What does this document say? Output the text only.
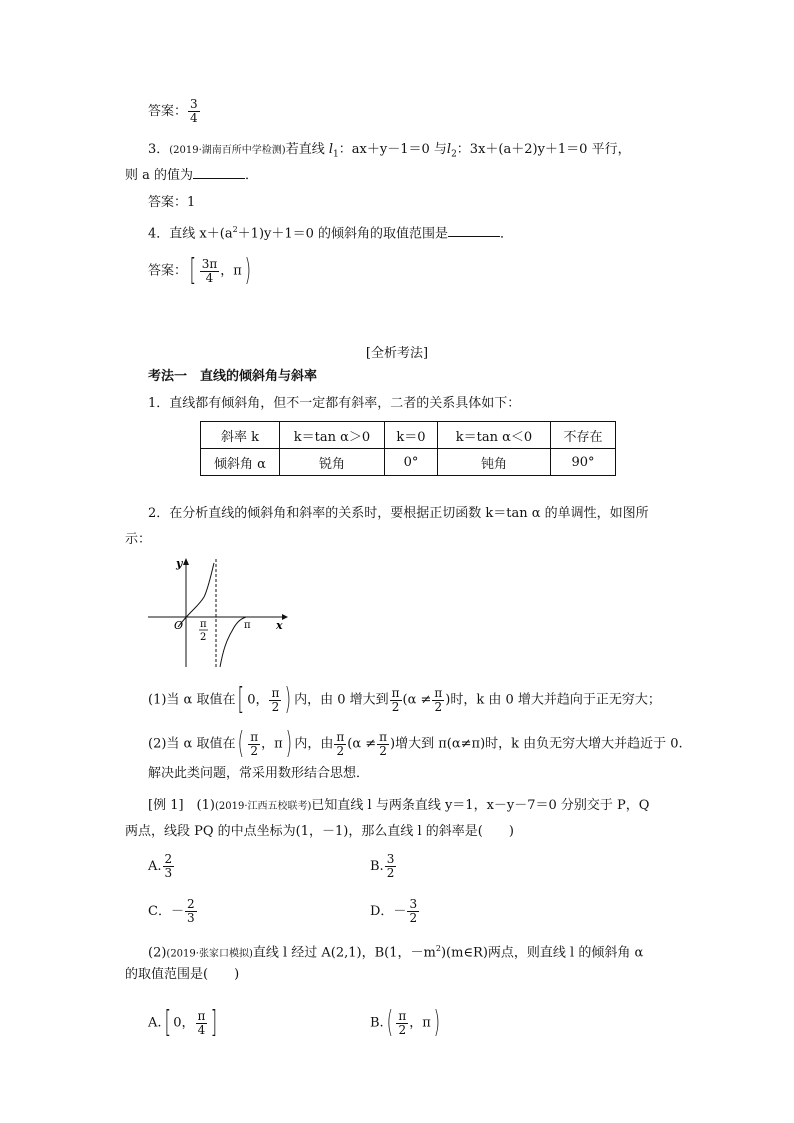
答案： $\frac{3}{4}$
3．(2019·湖南百所中学检测)若直线 $l_1$：ax＋y－1＝0 与$l_2$：3x＋(a＋2)y＋1＝0 平行，
则 a 的值为	．
答案：1
4．直线 $x+(a^2+1)y+1=0$ 的倾斜角的取值范围是	．
答案：[ $\frac{3\pi}{4}$ ，π)
[全析考法]
考法一　直线的倾斜角与斜率
1．直线都有倾斜角，但不一定都有斜率，二者的关系具体如下：
斜率 k	k＝tan α＞0	k＝0	k＝tan α＜0	不存在
倾斜角 α	锐角	0°	钝角	90°
2．在分析直线的倾斜角和斜率的关系时，要根据正切函数 k＝tan α 的单调性，如图所
示：
y
x
O π
2
π
(1)当 α 取值在[ 0， $\frac{\pi}{2}$ ) 内，由 0 增大到 $\frac{\pi}{2} (\alpha \ne \frac{\pi}{2}$ )时，k 由 0 增大并趋向于正无穷大；
(2)当 α 取值在( $\frac{\pi}{2}$ ，π) 内，由 $\frac{\pi}{2} (\alpha \ne \frac{\pi}{2}$ )增大到 π(α≠π)时，k 由负无穷大增大并趋近于 0.
解决此类问题，常采用数形结合思想．
[例 1]　(1)(2019·江西五校联考)已知直线 l 与两条直线 y＝1，x－y－7＝0 分别交于 P，Q
两点，线段 PQ 的中点坐标为(1，－1)，那么直线 l 的斜率是(　　)
A. $\frac{2}{3}$	B. $\frac{3}{2}$
C．－ $\frac{2}{3}$	D．－ $\frac{3}{2}$
(2)(2019·张家口模拟)直线 l 经过 A(2,1)，B(1，$-m^2)(m\in R)$两点，则直线 l 的倾斜角 α
的取值范围是(　　)
A.[ 0， $\frac{\pi}{4}$ ]	$B.( \frac{\pi}{2}$ ，π)
